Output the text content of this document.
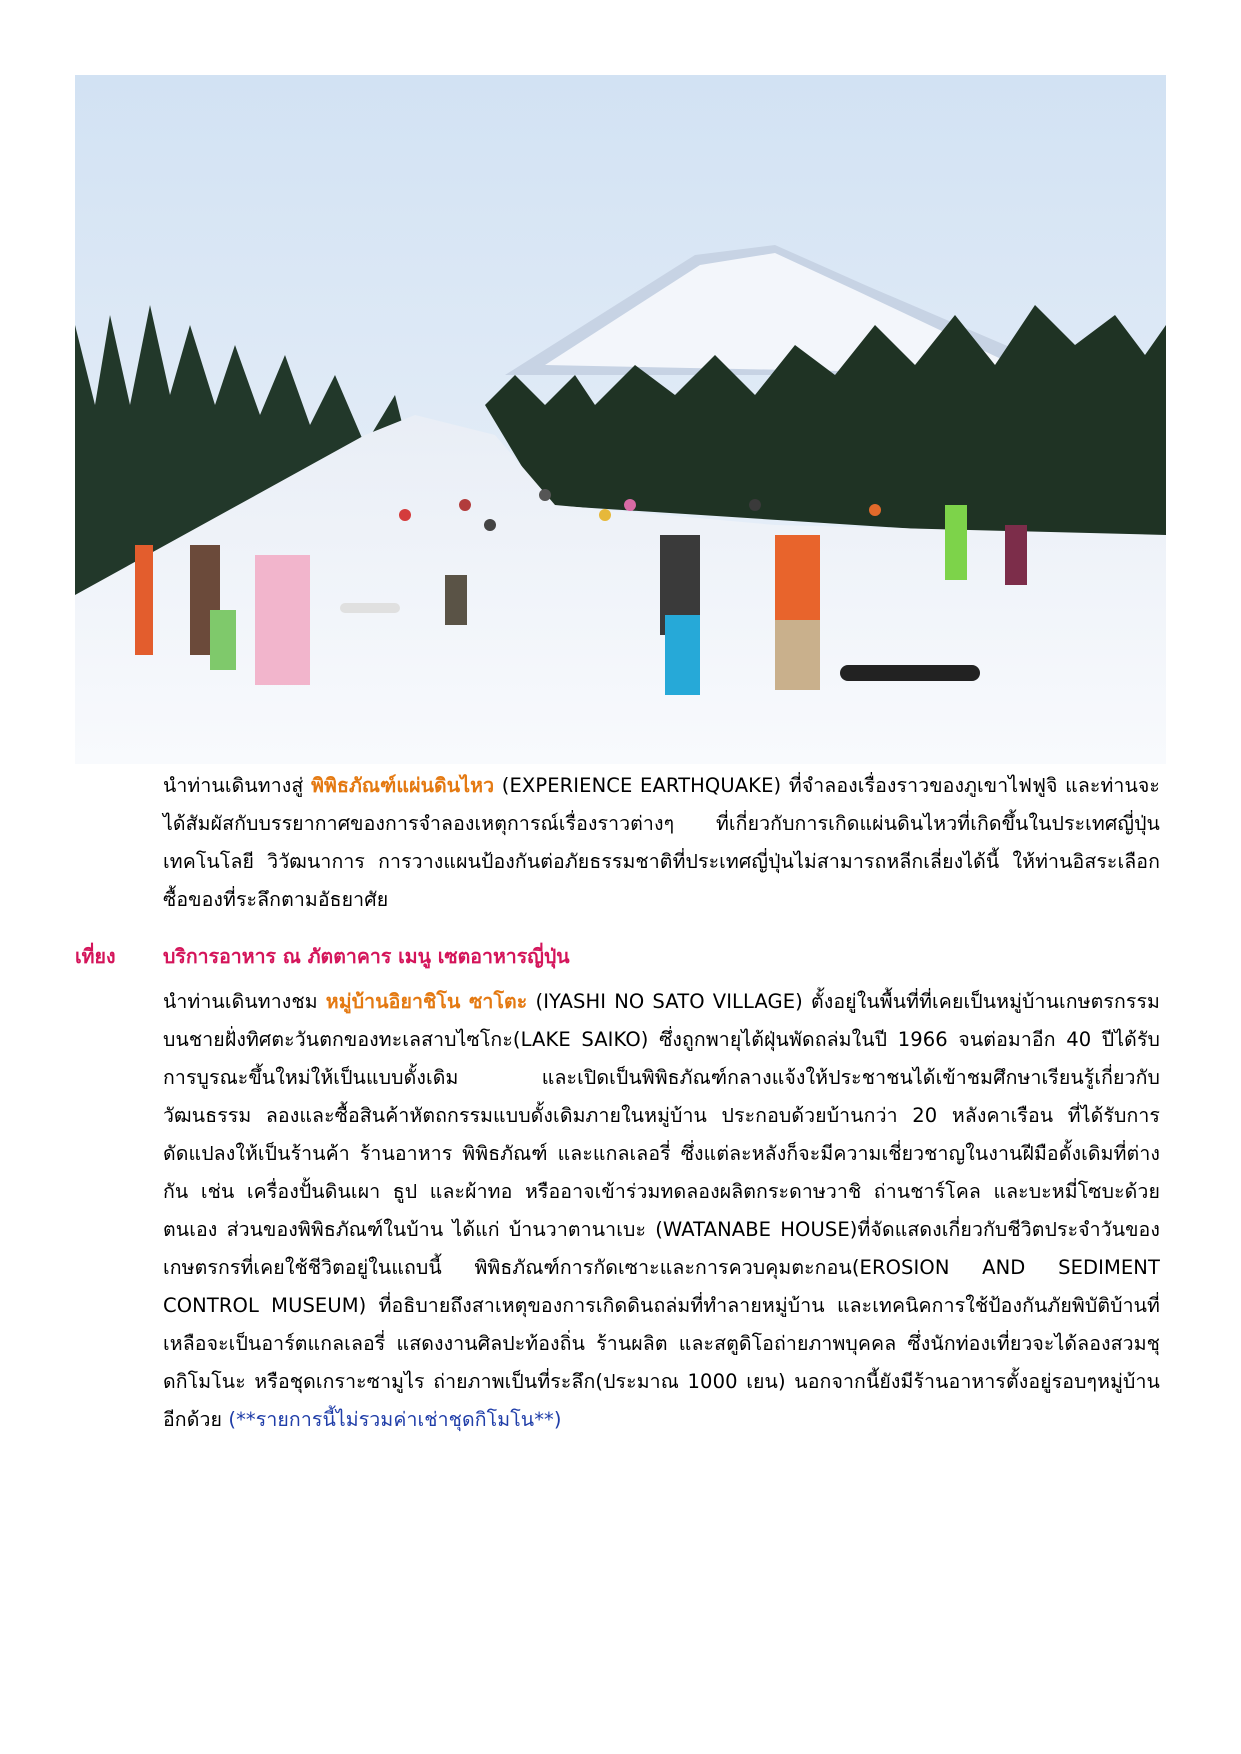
นำท่านเดินทางสู่ พิพิธภัณฑ์แผ่นดินไหว (EXPERIENCE EARTHQUAKE) ที่จำลองเรื่องราวของภูเขาไฟฟูจิ และท่านจะได้สัมผัสกับบรรยากาศของการจำลองเหตุการณ์เรื่องราวต่างๆ ที่เกี่ยวกับการเกิดแผ่นดินไหวที่เกิดขึ้นในประเทศญี่ปุ่น เทคโนโลยี วิวัฒนาการ การวางแผนป้องกันต่อภัยธรรมชาติที่ประเทศญี่ปุ่นไม่สามารถหลีกเลี่ยงได้นี้ ให้ท่านอิสระเลือกซื้อของที่ระลึกตามอัธยาศัย
เที่ยง บริการอาหาร ณ ภัตตาคาร เมนู เซตอาหารญี่ปุ่น
นำท่านเดินทางชม หมู่บ้านอิยาชิโน ซาโตะ (IYASHI NO SATO VILLAGE) ตั้งอยู่ในพื้นที่ที่เคยเป็นหมู่บ้านเกษตรกรรมบนชายฝั่งทิศตะวันตกของทะเลสาบไซโกะ(LAKE SAIKO) ซึ่งถูกพายุไต้ฝุ่นพัดถล่มในปี 1966 จนต่อมาอีก 40 ปีได้รับการบูรณะขึ้นใหม่ให้เป็นแบบดั้งเดิม และเปิดเป็นพิพิธภัณฑ์กลางแจ้งให้ประชาชนได้เข้าชมศึกษาเรียนรู้เกี่ยวกับวัฒนธรรม ลองและซื้อสินค้าหัตถกรรมแบบดั้งเดิมภายในหมู่บ้าน ประกอบด้วยบ้านกว่า 20 หลังคาเรือน ที่ได้รับการดัดแปลงให้เป็นร้านค้า ร้านอาหาร พิพิธภัณฑ์ และแกลเลอรี่ ซึ่งแต่ละหลังก็จะมีความเชี่ยวชาญในงานฝีมือดั้งเดิมที่ต่างกัน เช่น เครื่องปั้นดินเผา ธูป และผ้าทอ หรืออาจเข้าร่วมทดลองผลิตกระดาษวาชิ ถ่านชาร์โคล และบะหมี่โซบะด้วยตนเอง ส่วนของพิพิธภัณฑ์ในบ้าน ได้แก่ บ้านวาตานาเบะ (WATANABE HOUSE)ที่จัดแสดงเกี่ยวกับชีวิตประจำวันของเกษตรกรที่เคยใช้ชีวิตอยู่ในแถบนี้ พิพิธภัณฑ์การกัดเซาะและการควบคุมตะกอน(EROSION AND SEDIMENT CONTROL MUSEUM) ที่อธิบายถึงสาเหตุของการเกิดดินถล่มที่ทำลายหมู่บ้าน และเทคนิคการใช้ป้องกันภัยพิบัติบ้านที่เหลือจะเป็นอาร์ตแกลเลอรี่ แสดงงานศิลปะท้องถิ่น ร้านผลิต และสตูดิโอถ่ายภาพบุคคล ซึ่งนักท่องเที่ยวจะได้ลองสวมชุดกิโมโนะ หรือชุดเกราะซามูไร ถ่ายภาพเป็นที่ระลึก(ประมาณ 1000 เยน) นอกจากนี้ยังมีร้านอาหารตั้งอยู่รอบๆหมู่บ้านอีกด้วย (**รายการนี้ไม่รวมค่าเช่าชุดกิโมโน**)
